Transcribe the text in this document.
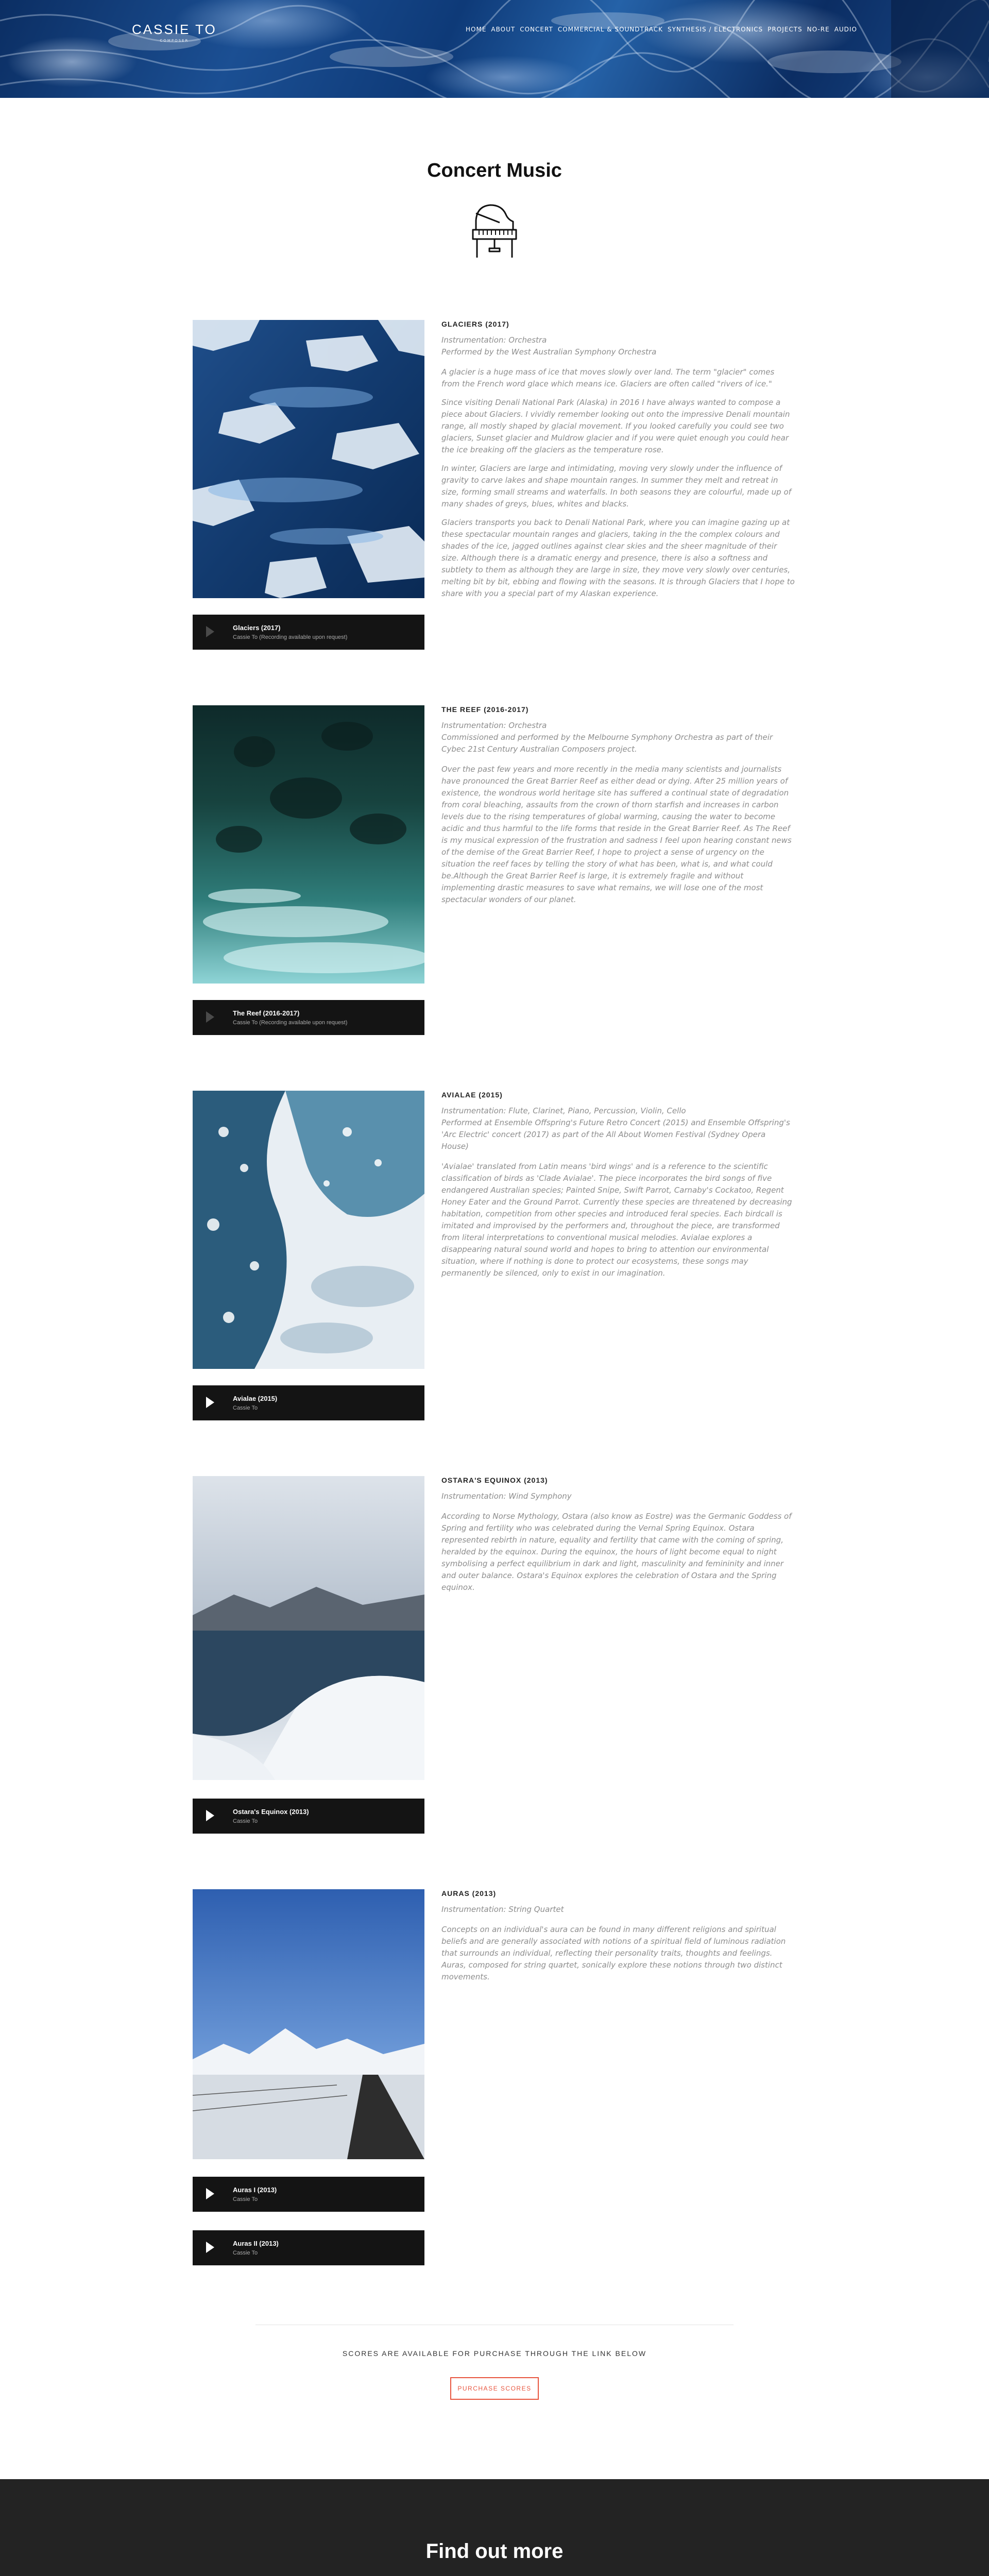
CASSIE TO
COMPOSER
HOME ABOUT CONCERT COMMERCIAL & SOUNDTRACK SYNTHESIS / ELECTRONICS PROJECTS NO-RE AUDIO
Concert Music
GLACIERS (2017)

Instrumentation: Orchestra

Performed by the West Australian Symphony Orchestra

A glacier is a huge mass of ice that moves slowly over land. The term "glacier" comes from the French word glace which means ice. Glaciers are often called "rivers of ice."

Since visiting Denali National Park (Alaska) in 2016 I have always wanted to compose a piece about Glaciers. I vividly remember looking out onto the impressive Denali mountain range, all mostly shaped by glacial movement. If you looked carefully you could see two glaciers, Sunset glacier and Muldrow glacier and if you were quiet enough you could hear the ice breaking off the glaciers as the temperature rose.

In winter, Glaciers are large and intimidating, moving very slowly under the influence of gravity to carve lakes and shape mountain ranges. In summer they melt and retreat in size, forming small streams and waterfalls. In both seasons they are colourful, made up of many shades of greys, blues, whites and blacks.

Glaciers transports you back to Denali National Park, where you can imagine gazing up at these spectacular mountain ranges and glaciers, taking in the the complex colours and shades of the ice, jagged outlines against clear skies and the sheer magnitude of their size. Although there is a dramatic energy and presence, there is also a softness and subtlety to them as although they are large in size, they move very slowly over centuries, melting bit by bit, ebbing and flowing with the seasons. It is through Glaciers that I hope to share with you a special part of my Alaskan experience.

Glaciers (2017)
Cassie To (Recording available upon request)
THE REEF (2016-2017)

Instrumentation: Orchestra

Commissioned and performed by the Melbourne Symphony Orchestra as part of their Cybec 21st Century Australian Composers project.

Over the past few years and more recently in the media many scientists and journalists have pronounced the Great Barrier Reef as either dead or dying. After 25 million years of existence, the wondrous world heritage site has suffered a continual state of degradation from coral bleaching, assaults from the crown of thorn starfish and increases in carbon levels due to the rising temperatures of global warming, causing the water to become acidic and thus harmful to the life forms that reside in the Great Barrier Reef. As The Reef is my musical expression of the frustration and sadness I feel upon hearing constant news of the demise of the Great Barrier Reef, I hope to project a sense of urgency on the situation the reef faces by telling the story of what has been, what is, and what could be.Although the Great Barrier Reef is large, it is extremely fragile and without implementing drastic measures to save what remains, we will lose one of the most spectacular wonders of our planet.

The Reef (2016-2017)
Cassie To (Recording available upon request)
AVIALAE (2015)

Instrumentation: Flute, Clarinet, Piano, Percussion, Violin, Cello

Performed at Ensemble Offspring's Future Retro Concert (2015) and Ensemble Offspring's 'Arc Electric' concert (2017) as part of the All About Women Festival (Sydney Opera House)

'Avialae' translated from Latin means 'bird wings' and is a reference to the scientific classification of birds as 'Clade Avialae'. The piece incorporates the bird songs of five endangered Australian species; Painted Snipe, Swift Parrot, Carnaby's Cockatoo, Regent Honey Eater and the Ground Parrot. Currently these species are threatened by decreasing habitation, competition from other species and introduced feral species. Each birdcall is imitated and improvised by the performers and, throughout the piece, are transformed from literal interpretations to conventional musical melodies. Avialae explores a disappearing natural sound world and hopes to bring to attention our environmental situation, where if nothing is done to protect our ecosystems, these songs may permanently be silenced, only to exist in our imagination.

Avialae (2015)
Cassie To
OSTARA'S EQUINOX (2013)

Instrumentation: Wind Symphony

According to Norse Mythology, Ostara (also know as Eostre) was the Germanic Goddess of Spring and fertility who was celebrated during the Vernal Spring Equinox. Ostara represented rebirth in nature, equality and fertility that came with the coming of spring, heralded by the equinox. During the equinox, the hours of light become equal to night symbolising a perfect equilibrium in dark and light, masculinity and femininity and inner and outer balance. Ostara's Equinox explores the celebration of Ostara and the Spring equinox.

Ostara's Equinox (2013)
Cassie To
AURAS (2013)

Instrumentation: String Quartet

Concepts on an individual's aura can be found in many different religions and spiritual beliefs and are generally associated with notions of a spiritual field of luminous radiation that surrounds an individual, reflecting their personality traits, thoughts and feelings. Auras, composed for string quartet, sonically explore these notions through two distinct movements.

Auras I (2013)
Cassie To
Auras II (2013)
Cassie To
SCORES ARE AVAILABLE FOR PURCHASE THROUGH THE LINK BELOW
PURCHASE SCORES
Find out more
